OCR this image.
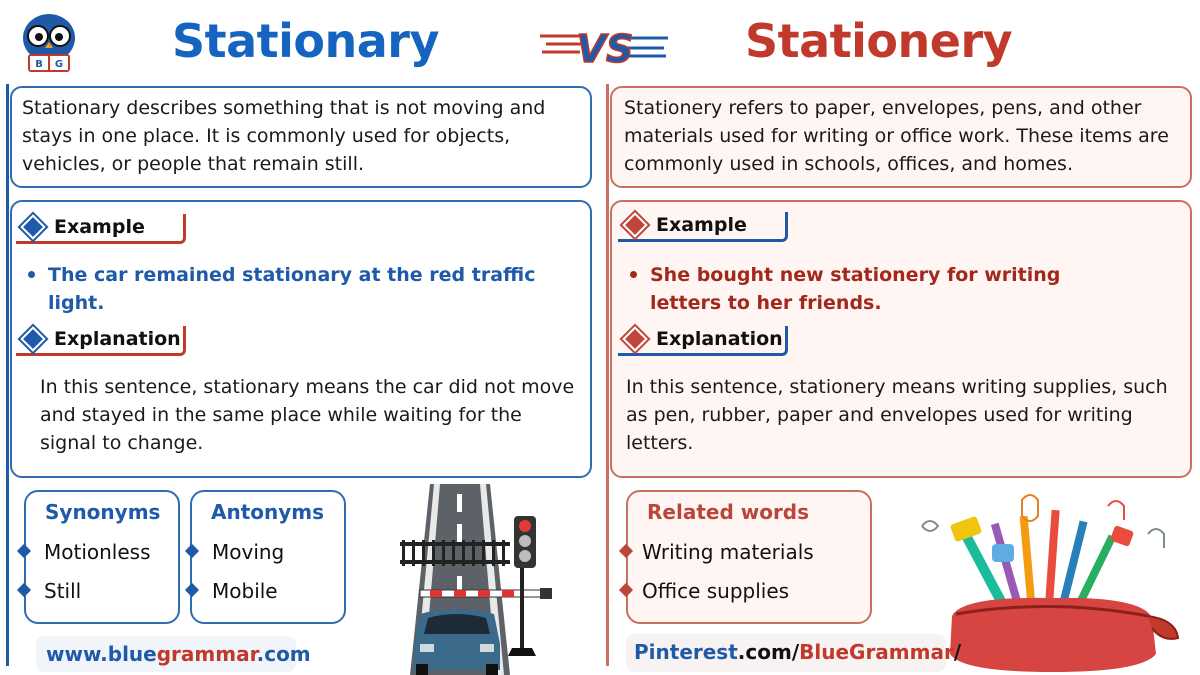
B G Stationary	VS Stationery
Stationary describes something that is not moving and stays in one place. It is commonly used for objects, vehicles, or people that remain still.
Example
The car remained stationary at the red traffic light.
Explanation
In this sentence, stationary means the car did not move and stayed in the same place while waiting for the signal to change.
Synonyms
Motionless
Still
Antonyms
Moving
Mobile
www.bluegrammar.com
Stationery refers to paper, envelopes, pens, and other materials used for writing or office work. These items are commonly used in schools, offices, and homes.
Example
She bought new stationery for writing letters to her friends.
Explanation
In this sentence, stationery means writing supplies, such as pen, rubber, paper and envelopes used for writing letters.
Related words
Writing materials
Office supplies
Pinterest.com/BlueGrammar/
